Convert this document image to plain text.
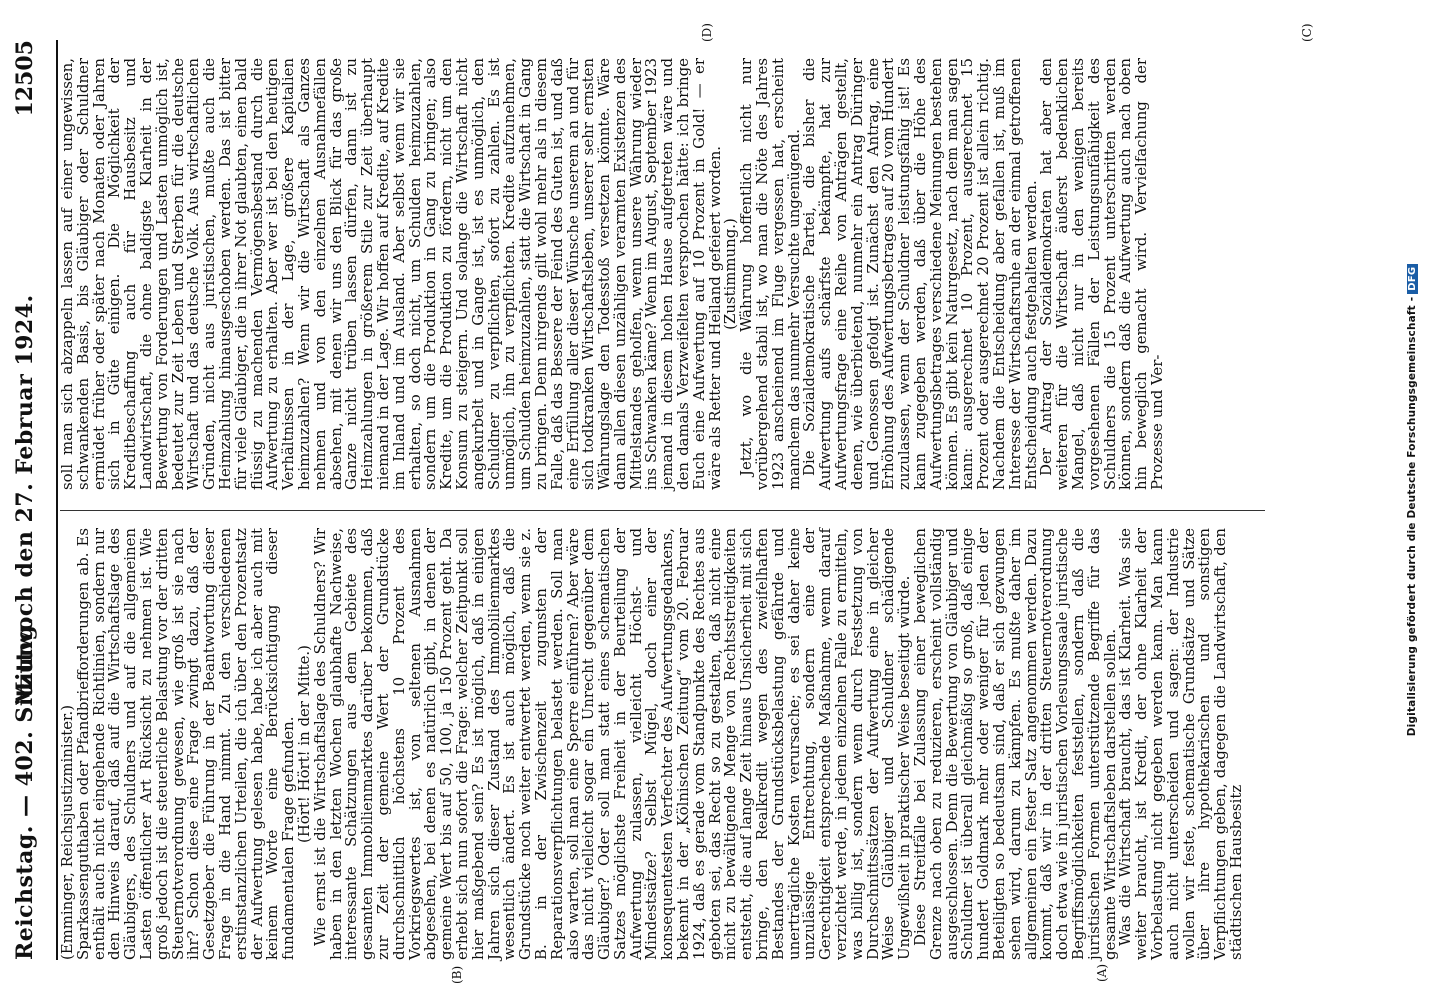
Reichstag. — 402. Sitzung.
Mittwoch den 27. Februar 1924.
12505

(Emminger, Reichsjustizminister.)

Sparkassenguthaben oder Pfandbriefforderungen ab. Es enthält auch nicht eingehende Richtlinien, sondern nur den Hinweis darauf, daß auf die Wirtschaftslage des Gläubigers, des Schuldners und auf die allgemeinen Lasten öffentlicher Art Rücksicht zu nehmen ist. Wie groß jedoch ist die steuerliche Belastung vor der dritten Steuernotverordnung gewesen, wie groß ist sie nach ihr? Schon diese eine Frage zwingt dazu, daß der Gesetzgeber die Führung in der Beantwortung dieser Frage in die Hand nimmt. Zu den verschiedenen erstinstanzlichen Urteilen, die ich über den Prozentsatz der Aufwertung gelesen habe, habe ich aber auch mit keinem Worte eine Berücksichtigung dieser fundamentalen Frage gefunden.

(Hört! Hört! in der Mitte.)

Wie ernst ist die Wirtschaftslage des Schuldners? Wir haben in den letzten Wochen glaubhafte Nachweise, interessante Schätzungen aus dem Gebiete des gesamten Immobilienmarktes darüber bekommen, daß zur Zeit der gemeine Wert der Grundstücke durchschnittlich höchstens 10 Prozent des Vorkriegswertes ist, von seltenen Ausnahmen abgesehen, bei denen es natürlich gibt, in denen der gemeine Wert bis auf 50, 100, ja 150 Prozent geht. Da erhebt sich nun sofort die Frage: welcher Zeitpunkt soll hier maßgebend sein? Es ist möglich, daß in einigen Jahren sich dieser Zustand des Immobilienmarktes wesentlich ändert. Es ist auch möglich, daß die Grundstücke noch weiter entwertet werden, wenn sie z. B. in der Zwischenzeit zugunsten der Reparationsverpflichtungen belastet werden. Soll man also warten, soll man eine Sperre einführen? Aber wäre das nicht vielleicht sogar ein Unrecht gegenüber dem Gläubiger? Oder soll man statt eines schematischen Satzes möglichste Freiheit in der Beurteilung der Aufwertung zulassen, vielleicht Höchst- und Mindestsätze? Selbst Mügel, doch einer der konsequentesten Verfechter des Aufwertungsgedankens, bekennt in der „Kölnischen Zeitung“ vom 20. Februar 1924, daß es gerade vom Standpunkte des Rechtes aus geboten sei, das Recht so zu gestalten, daß nicht eine nicht zu bewältigende Menge von Rechtsstreitigkeiten entsteht, die auf lange Zeit hinaus Unsicherheit mit sich bringe, den Realkredit wegen des zweifelhaften Bestandes der Grundstücksbelastung gefährde und unerträgliche Kosten verursache; es sei daher keine unzulässige Entrechtung, sondern eine der Gerechtigkeit entsprechende Maßnahme, wenn darauf verzichtet werde, in jedem einzelnen Falle zu ermitteln, was billig ist, sondern wenn durch Festsetzung von Durchschnittssätzen der Aufwertung eine in gleicher Weise Gläubiger und Schuldner schädigende Ungewißheit in praktischer Weise beseitigt würde.

Diese Streitfälle bei Zulassung einer beweglichen Grenze nach oben zu reduzieren, erscheint vollständig ausgeschlossen. Denn die Bewertung von Gläubiger und Schuldner ist überall gleichmäßig so groß, daß einige hundert Goldmark mehr oder weniger für jeden der Beteiligten so bedeutsam sind, daß er sich gezwungen sehen wird, darum zu kämpfen. Es mußte daher im allgemeinen ein fester Satz angenommen werden. Dazu kommt, daß wir in der dritten Steuernotverordnung doch etwa wie in juristischen Vorlesungssaale juristische Begriffsmöglichkeiten feststellen, sondern daß die juristischen Formen unterstützende Begriffe für das gesamte Wirtschaftsleben darstellen sollen.

Was die Wirtschaft braucht, das ist Klarheit. Was sie weiter braucht, ist Kredit, der ohne Klarheit der Vorbelastung nicht gegeben werden kann. Man kann auch nicht unterscheiden und sagen: der Industrie wollen wir feste, schematische Grundsätze und Sätze über ihre hypothekarischen und sonstigen Verpflichtungen geben, dagegen die Landwirtschaft, den städtischen Hausbesitz

soll man sich abzappeln lassen auf einer ungewissen, schwankenden Basis, bis Gläubiger oder Schuldner ermüdet früher oder später nach Monaten oder Jahren sich in Güte einigen. Die Möglichkeit der Kreditbeschaffung auch für Hausbesitz und Landwirtschaft, die ohne baldigste Klarheit in der Bewertung von Forderungen und Lasten unmöglich ist, bedeutet zur Zeit Leben und Sterben für die deutsche Wirtschaft und das deutsche Volk. Aus wirtschaftlichen Gründen, nicht aus juristischen, mußte auch die Heimzahlung hinausgeschoben werden. Das ist bitter für viele Gläubiger, die in ihrer Not glaubten, einen bald flüssig zu machenden Vermögensbestand durch die Aufwertung zu erhalten. Aber wer ist bei den heutigen Verhältnissen in der Lage, größere Kapitalien heimzuzahlen? Wenn wir die Wirtschaft als Ganzes nehmen und von den einzelnen Ausnahmefällen absehen, mit denen wir uns den Blick für das große Ganze nicht trüben lassen dürfen, dann ist zu Heimzahlungen in größerem Stile zur Zeit überhaupt niemand in der Lage. Wir hoffen auf Kredite, auf Kredite im Inland und im Ausland. Aber selbst wenn wir sie erhalten, so doch nicht, um Schulden heimzuzahlen, sondern um die Produktion in Gang zu bringen; also Kredite, um die Produktion zu fördern, nicht um den Konsum zu steigern. Und solange die Wirtschaft nicht angekurbelt und in Gange ist, ist es unmöglich, den Schuldner zu verpflichten, sofort zu zahlen. Es ist unmöglich, ihn zu verpflichten. Kredite aufzunehmen, um Schulden heimzuzahlen, statt die Wirtschaft in Gang zu bringen. Denn nirgends gilt wohl mehr als in diesem Falle, daß das Bessere der Feind des Guten ist, und daß eine Erfüllung aller dieser Wünsche unserem an und für sich todkranken Wirtschaftsleben, unserer sehr ernsten Währungslage den Todesstoß versetzen könnte. Wäre dann allen diesen unzähligen verarmten Existenzen des Mittelstandes geholfen, wenn unsere Währung wieder ins Schwanken käme? Wenn im August, September 1923 jemand in diesem hohen Hause aufgetreten wäre und den damals Verzweifelten versprochen hätte: ich bringe Euch eine Aufwertung auf 10 Prozent in Gold! — er wäre als Retter und Heiland gefeiert worden.

(Zustimmung.)

Jetzt, wo die Währung hoffentlich nicht nur vorübergehend stabil ist, wo man die Nöte des Jahres 1923 anscheinend im Fluge vergessen hat, erscheint manchem das nunmehr Versuchte ungenügend.

Die Sozialdemokratische Partei, die bisher die Aufwertung aufs schärfste bekämpfte, hat zur Aufwertungsfrage eine Reihe von Anträgen gestellt, denen, wie überbietend, nunmehr ein Antrag Düringer und Genossen gefolgt ist. Zunächst den Antrag, eine Erhöhung des Aufwertungsbetrages auf 20 vom Hundert zuzulassen, wenn der Schuldner leistungsfähig ist! Es kann zugegeben werden, daß über die Höhe des Aufwertungsbetrages verschiedene Meinungen bestehen können. Es gibt kein Naturgesetz, nach dem man sagen kann: ausgerechnet 10 Prozent, ausgerechnet 15 Prozent oder ausgerechnet 20 Prozent ist allein richtig. Nachdem die Entscheidung aber gefallen ist, muß im Interesse der Wirtschaftsruhe an der einmal getroffenen Entscheidung auch festgehalten werden.

Der Antrag der Sozialdemokraten hat aber den weiteren für die Wirtschaft äußerst bedenklichen Mangel, daß nicht nur in den wenigen bereits vorgesehenen Fällen der Leistungsunfähigkeit des Schuldners die 15 Prozent unterschritten werden können, sondern daß die Aufwertung auch nach oben hin beweglich gemacht wird. Vervielfachung der Prozesse und Ver-

(A)
(B)
(C)
(D)
Digitalisierung gefördert durch die Deutsche Forschungsgemeinschaft -DFG
